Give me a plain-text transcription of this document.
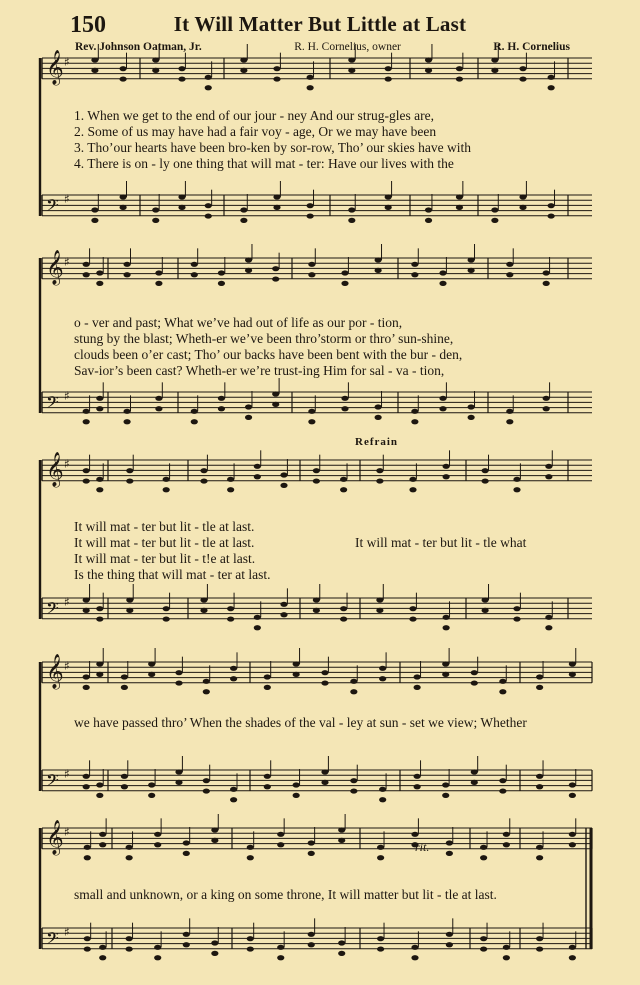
150	It Will Matter But Little at Last
Rev. Johnson Oatman, Jr.	R. H. Cornelius, owner	R. H. Cornelius
𝄞 ♯
𝄢 ♯
𝄞 ♯
𝄢 ♯
𝄞 ♯
𝄢 ♯
𝄞 ♯
𝄢 ♯
𝄞 ♯
𝄢 ♯
1. When we get to the end of our jour - ney And our strug-gles are,
2. Some of us may have had a fair voy - age, Or we may have been
3. Tho’our hearts have been bro-ken by sor-row, Tho’ our skies have with
4. There is on - ly one thing that will mat - ter: Have our lives with the
o - ver and past; What we’ve had out of life as our por - tion,
stung by the blast; Wheth-er we’ve been thro’storm or thro’ sun-shine,
clouds been o’er cast; Tho’ our backs have been bent with the bur - den,
Sav-ior’s been cast? Wheth-er we’re trust-ing Him for sal - va - tion,
Refrain
It will mat - ter but lit - tle at last.
It will mat - ter but lit - tle at last.
It will mat - ter but lit - t!e at last.
Is the thing that will mat - ter at last.
It will mat - ter but lit - tle what
we have passed thro’ When the shades of the val - ley at sun - set we view; Whether
rit.
small and unknown, or a king on some throne, It will matter but lit - tle at last.
